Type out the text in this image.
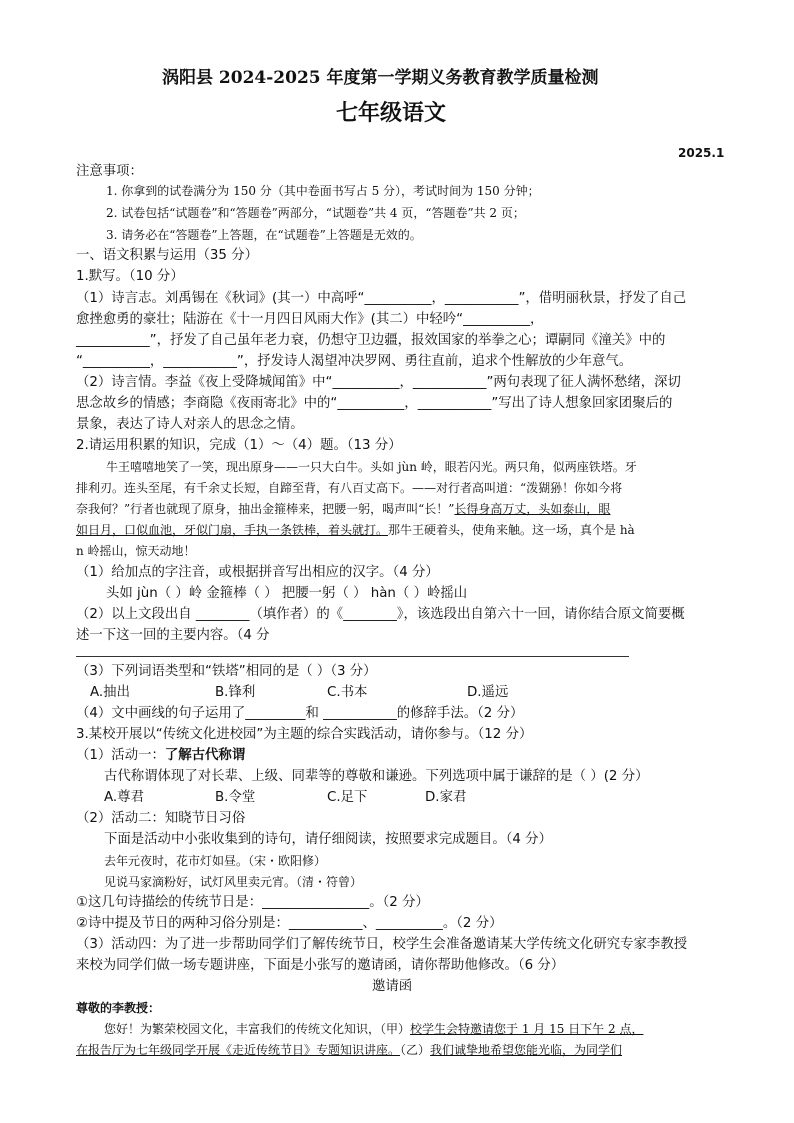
涡阳县 2024-2025 年度第一学期义务教育教学质量检测
七年级语文
2025.1
注意事项：
1. 你拿到的试卷满分为 150 分（其中卷面书写占 5 分），考试时间为 150 分钟；
2. 试卷包括“试题卷”和“答题卷”两部分，“试题卷”共 4 页，“答题卷”共 2 页；
3. 请务必在“答题卷”上答题，在“试题卷”上答题是无效的。
一、语文积累与运用（35 分）
1.默写。（10 分）
（1）诗言志。刘禹锡在《秋词》(其一）中高呼“__________，___________”，借明丽秋景，抒发了自己
愈挫愈勇的豪壮；陆游在《十一月四日风雨大作》(其二）中轻吟“__________，
___________”，抒发了自己虽年老力衰，仍想守卫边疆，报效国家的举拳之心；谭嗣同《潼关》中的
“__________，___________”，抒发诗人渴望冲决罗网、勇往直前，追求个性解放的少年意气。
（2）诗言情。李益《夜上受降城闻笛》中“__________，___________”两句表现了征人满怀愁绪，深切
思念故乡的情感；李商隐《夜雨寄北》中的“__________，___________”写出了诗人想象回家团聚后的
景象，表达了诗人对亲人的思念之情。
2.请运用积累的知识，完成（1）～（4）题。（13 分）
牛王嘻嘻地笑了一笑，现出原身——一只大白牛。头如 jùn 岭，眼若闪光。两只角，似两座铁塔。牙
排利刃。连头至尾，有千余丈长短，自蹄至背，有八百丈高下。——对行者高叫道：“泼猢狲！你如今将
奈我何？”行者也就现了原身，抽出金箍棒来，把腰一躬，喝声叫“长！”长得身高万丈，头如泰山，眼
如日月，口似血池，牙似门扇，手执一条铁棒，着头就打。那牛王硬着头，使角来触。这一场，真个是 hà
n 岭摇山，惊天动地！
（1）给加点的字注音，或根据拼音写出相应的汉字。（4 分）
头如 jùn（ ）岭 金箍棒（ ） 把腰一躬（ ） hàn（ ）岭摇山
（2）以上文段出自 ________（填作者）的《________》，该选段出自第六十一回，请你结合原文简要概
述一下这一回的主要内容。（4 分
（3）下列词语类型和“铁塔”相同的是（ ）（3 分）
A.抽出	B.锋利	C.书本	D.遥远
（4）文中画线的句子运用了_________和 ___________的修辞手法。（2 分）
3.某校开展以“传统文化进校园”为主题的综合实践活动，请你参与。（12 分）
（1）活动一：了解古代称谓
古代称谓体现了对长辈、上级、同辈等的尊敬和谦逊。下列选项中属于谦辞的是（ ）(2 分）
A.尊君	B.令堂	C.足下	D.家君
（2）活动二：知晓节日习俗
下面是活动中小张收集到的诗句，请仔细阅读，按照要求完成题目。（4 分）
去年元夜时，花市灯如昼。（宋・欧阳修）
见说马家滴粉好，试灯风里卖元宵。（清・符曾）
①这几句诗描绘的传统节日是：________________。（2 分）
②诗中提及节日的两种习俗分别是：___________、__________。（2 分）
（3）活动四：为了进一步帮助同学们了解传统节日，校学生会准备邀请某大学传统文化研究专家李教授
来校为同学们做一场专题讲座，下面是小张写的邀请函，请你帮助他修改。（6 分）
邀请函
尊敬的李教授：
您好！为繁荣校园文化，丰富我们的传统文化知识，（甲）校学生会特邀请您于 1 月 15 日下午 2 点，
在报告厅为七年级同学开展《走近传统节日》专题知识讲座。（乙）我们诚挚地希望您能光临，为同学们
